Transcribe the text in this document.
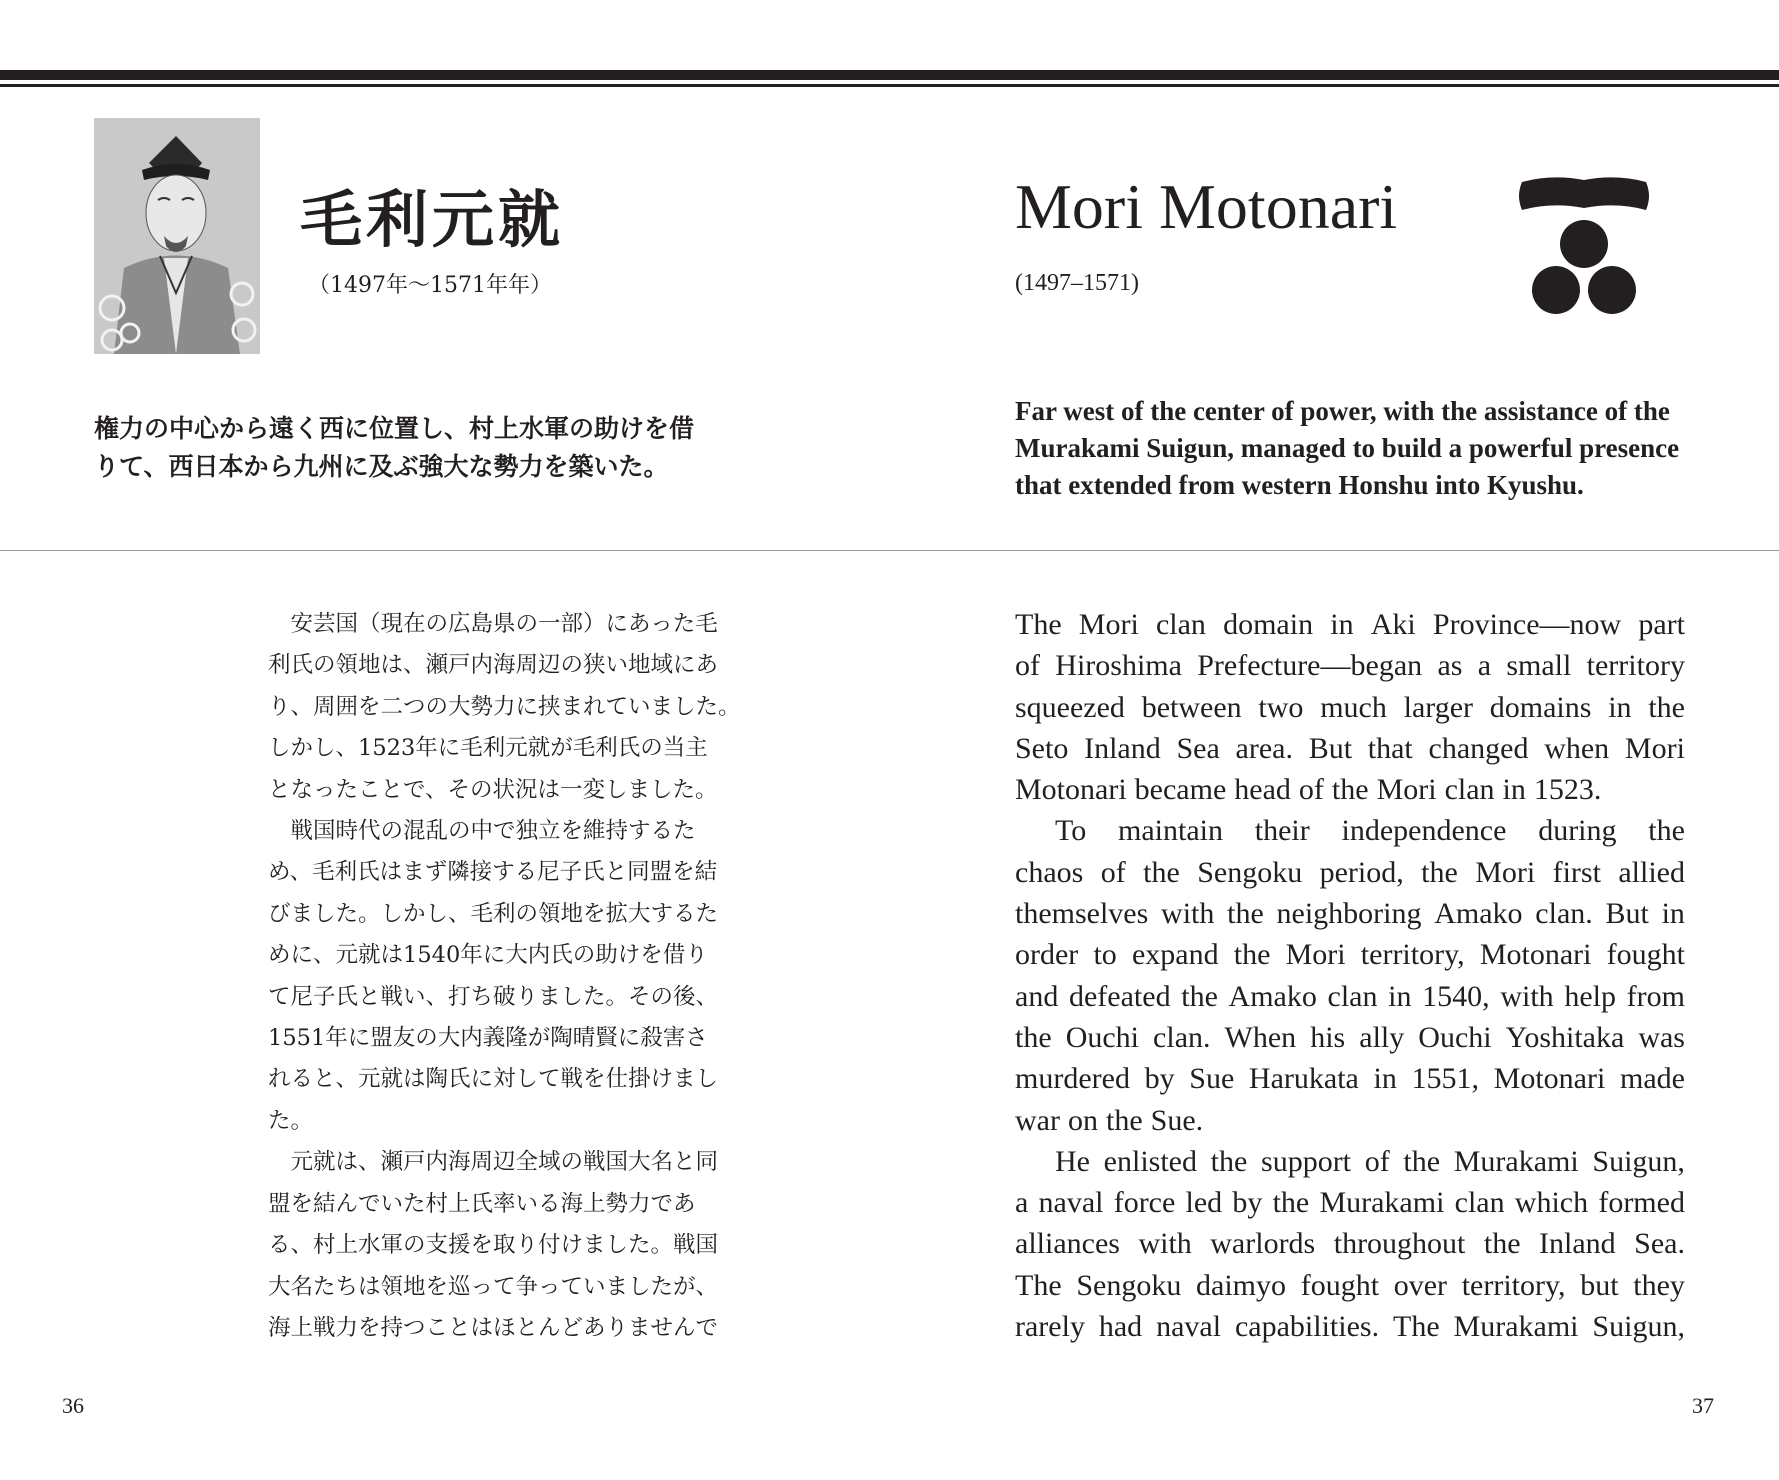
毛利元就
（1497年～1571年年）
権力の中心から遠く西に位置し、村上水軍の助けを借
りて、西日本から九州に及ぶ強大な勢力を築いた。
Mori Motonari
(1497–1571)
Far west of the center of power, with the assistance of the
Murakami Suigun, managed to build a powerful presence
that extended from western Honshu into Kyushu.
　安芸国（現在の広島県の一部）にあった毛
利氏の領地は、瀬戸内海周辺の狭い地域にあ
り、周囲を二つの大勢力に挟まれていました。
しかし、1523年に毛利元就が毛利氏の当主
となったことで、その状況は一変しました。
　戦国時代の混乱の中で独立を維持するた
め、毛利氏はまず隣接する尼子氏と同盟を結
びました。しかし、毛利の領地を拡大するた
めに、元就は1540年に大内氏の助けを借り
て尼子氏と戦い、打ち破りました。その後、
1551年に盟友の大内義隆が陶晴賢に殺害さ
れると、元就は陶氏に対して戦を仕掛けまし
た。
　元就は、瀬戸内海周辺全域の戦国大名と同
盟を結んでいた村上氏率いる海上勢力であ
る、村上水軍の支援を取り付けました。戦国
大名たちは領地を巡って争っていましたが、
海上戦力を持つことはほとんどありませんで
The Mori clan domain in Aki Province—now part
of Hiroshima Prefecture—began as a small territory
squeezed between two much larger domains in the
Seto Inland Sea area. But that changed when Mori
Motonari became head of the Mori clan in 1523.
To maintain their independence during the
chaos of the Sengoku period, the Mori first allied
themselves with the neighboring Amako clan. But in
order to expand the Mori territory, Motonari fought
and defeated the Amako clan in 1540, with help from
the Ouchi clan. When his ally Ouchi Yoshitaka was
murdered by Sue Harukata in 1551, Motonari made
war on the Sue.
He enlisted the support of the Murakami Suigun,
a naval force led by the Murakami clan which formed
alliances with warlords throughout the Inland Sea.
The Sengoku daimyo fought over territory, but they
rarely had naval capabilities. The Murakami Suigun,
36	37
